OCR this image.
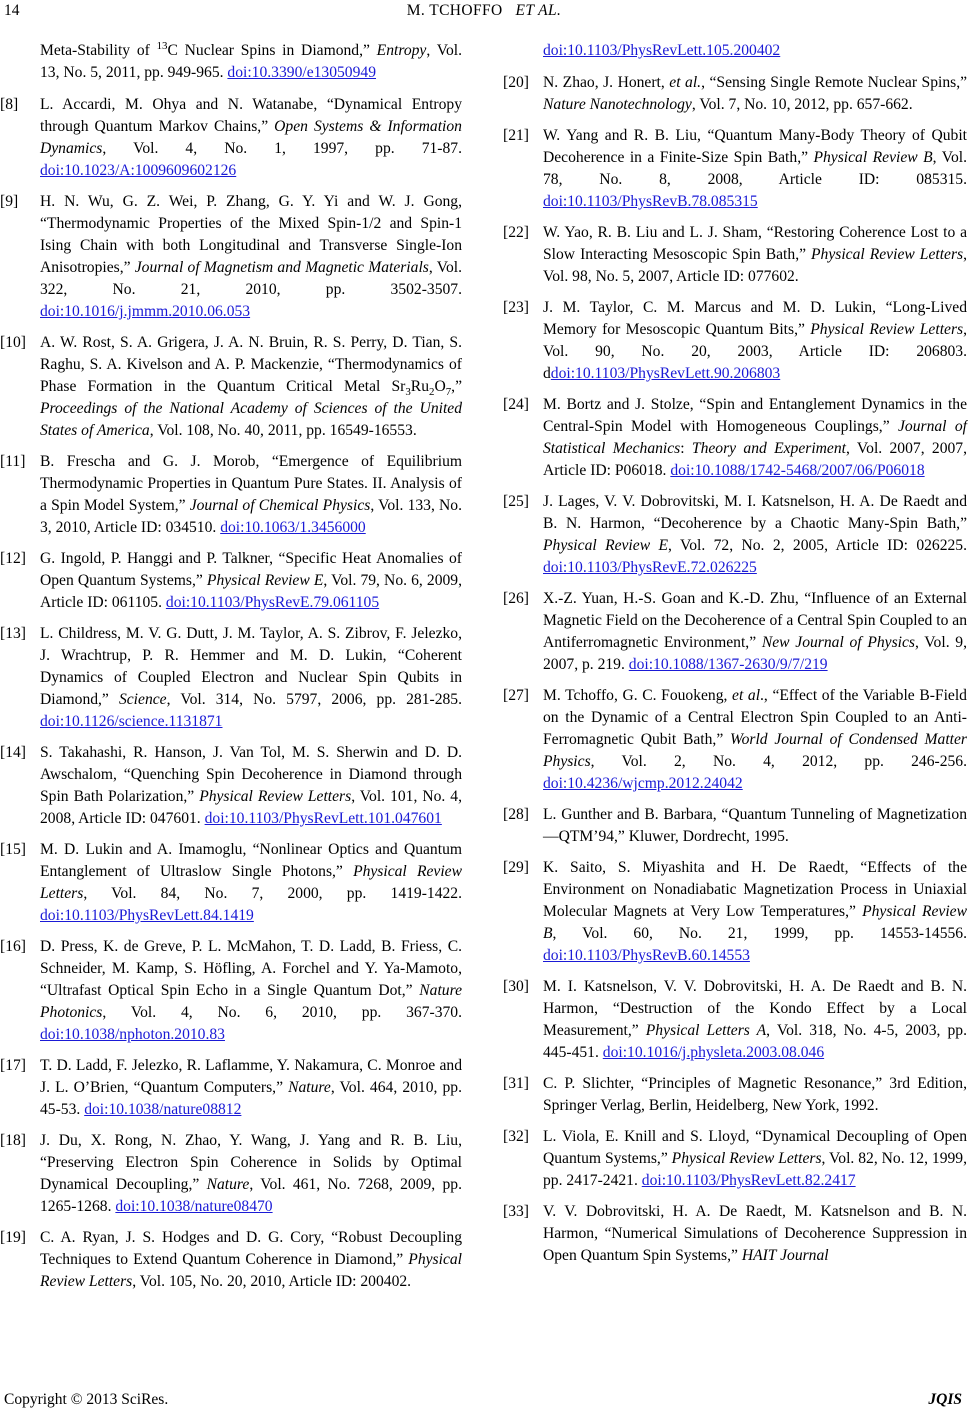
14	M. TCHOFFO ET AL.
Meta-Stability of $^{13}$C Nuclear Spins in Diamond,” Entropy, Vol. 13, No. 5, 2011, pp. 949-965. doi:10.3390/e13050949
[8] L. Accardi, M. Ohya and N. Watanabe, “Dynamical Entropy through Quantum Markov Chains,” Open Systems & Information Dynamics, Vol. 4, No. 1, 1997, pp. 71-87. doi:10.1023/A:1009609602126
[9] H. N. Wu, G. Z. Wei, P. Zhang, G. Y. Yi and W. J. Gong, “Thermodynamic Properties of the Mixed Spin-1/2 and Spin-1 Ising Chain with both Longitudinal and Transverse Single-Ion Anisotropies,” Journal of Magnetism and Magnetic Materials, Vol. 322, No. 21, 2010, pp. 3502-3507. doi:10.1016/j.jmmm.2010.06.053
[10] A. W. Rost, S. A. Grigera, J. A. N. Bruin, R. S. Perry, D. Tian, S. Raghu, S. A. Kivelson and A. P. Mackenzie, “Thermodynamics of Phase Formation in the Quantum Critical Metal $Sr_3Ru_2O_7$,” Proceedings of the National Academy of Sciences of the United States of America, Vol. 108, No. 40, 2011, pp. 16549-16553.
[11] B. Frescha and G. J. Morob, “Emergence of Equilibrium Thermodynamic Properties in Quantum Pure States. II. Analysis of a Spin Model System,” Journal of Chemical Physics, Vol. 133, No. 3, 2010, Article ID: 034510. doi:10.1063/1.3456000
[12] G. Ingold, P. Hanggi and P. Talkner, “Specific Heat Anomalies of Open Quantum Systems,” Physical Review E, Vol. 79, No. 6, 2009, Article ID: 061105. doi:10.1103/PhysRevE.79.061105
[13] L. Childress, M. V. G. Dutt, J. M. Taylor, A. S. Zibrov, F. Jelezko, J. Wrachtrup, P. R. Hemmer and M. D. Lukin, “Coherent Dynamics of Coupled Electron and Nuclear Spin Qubits in Diamond,” Science, Vol. 314, No. 5797, 2006, pp. 281-285. doi:10.1126/science.1131871
[14] S. Takahashi, R. Hanson, J. Van Tol, M. S. Sherwin and D. D. Awschalom, “Quenching Spin Decoherence in Diamond through Spin Bath Polarization,” Physical Review Letters, Vol. 101, No. 4, 2008, Article ID: 047601. doi:10.1103/PhysRevLett.101.047601
[15] M. D. Lukin and A. Imamoglu, “Nonlinear Optics and Quantum Entanglement of Ultraslow Single Photons,” Physical Review Letters, Vol. 84, No. 7, 2000, pp. 1419-1422. doi:10.1103/PhysRevLett.84.1419
[16] D. Press, K. de Greve, P. L. McMahon, T. D. Ladd, B. Friess, C. Schneider, M. Kamp, S. Höfling, A. Forchel and Y. Ya-Mamoto, “Ultrafast Optical Spin Echo in a Single Quantum Dot,” Nature Photonics, Vol. 4, No. 6, 2010, pp. 367-370. doi:10.1038/nphoton.2010.83
[17] T. D. Ladd, F. Jelezko, R. Laflamme, Y. Nakamura, C. Monroe and J. L. O’Brien, “Quantum Computers,” Nature, Vol. 464, 2010, pp. 45-53. doi:10.1038/nature08812
[18] J. Du, X. Rong, N. Zhao, Y. Wang, J. Yang and R. B. Liu, “Preserving Electron Spin Coherence in Solids by Optimal Dynamical Decoupling,” Nature, Vol. 461, No. 7268, 2009, pp. 1265-1268. doi:10.1038/nature08470
[19] C. A. Ryan, J. S. Hodges and D. G. Cory, “Robust Decoupling Techniques to Extend Quantum Coherence in Diamond,” Physical Review Letters, Vol. 105, No. 20, 2010, Article ID: 200402.
doi:10.1103/PhysRevLett.105.200402
[20] N. Zhao, J. Honert, et al., “Sensing Single Remote Nuclear Spins,” Nature Nanotechnology, Vol. 7, No. 10, 2012, pp. 657-662.
[21] W. Yang and R. B. Liu, “Quantum Many-Body Theory of Qubit Decoherence in a Finite-Size Spin Bath,” Physical Review B, Vol. 78, No. 8, 2008, Article ID: 085315. doi:10.1103/PhysRevB.78.085315
[22] W. Yao, R. B. Liu and L. J. Sham, “Restoring Coherence Lost to a Slow Interacting Mesoscopic Spin Bath,” Physical Review Letters, Vol. 98, No. 5, 2007, Article ID: 077602.
[23] J. M. Taylor, C. M. Marcus and M. D. Lukin, “Long-Lived Memory for Mesoscopic Quantum Bits,” Physical Review Letters, Vol. 90, No. 20, 2003, Article ID: 206803. ddoi:10.1103/PhysRevLett.90.206803
[24] M. Bortz and J. Stolze, “Spin and Entanglement Dynamics in the Central-Spin Model with Homogeneous Couplings,” Journal of Statistical Mechanics: Theory and Experiment, Vol. 2007, 2007, Article ID: P06018. doi:10.1088/1742-5468/2007/06/P06018
[25] J. Lages, V. V. Dobrovitski, M. I. Katsnelson, H. A. De Raedt and B. N. Harmon, “Decoherence by a Chaotic Many-Spin Bath,” Physical Review E, Vol. 72, No. 2, 2005, Article ID: 026225. doi:10.1103/PhysRevE.72.026225
[26] X.-Z. Yuan, H.-S. Goan and K.-D. Zhu, “Influence of an External Magnetic Field on the Decoherence of a Central Spin Coupled to an Antiferromagnetic Environment,” New Journal of Physics, Vol. 9, 2007, p. 219. doi:10.1088/1367-2630/9/7/219
[27] M. Tchoffo, G. C. Fouokeng, et al., “Effect of the Variable B-Field on the Dynamic of a Central Electron Spin Coupled to an Anti-Ferromagnetic Qubit Bath,” World Journal of Condensed Matter Physics, Vol. 2, No. 4, 2012, pp. 246-256. doi:10.4236/wjcmp.2012.24042
[28] L. Gunther and B. Barbara, “Quantum Tunneling of Magnetization—QTM’94,” Kluwer, Dordrecht, 1995.
[29] K. Saito, S. Miyashita and H. De Raedt, “Effects of the Environment on Nonadiabatic Magnetization Process in Uniaxial Molecular Magnets at Very Low Temperatures,” Physical Review B, Vol. 60, No. 21, 1999, pp. 14553-14556. doi:10.1103/PhysRevB.60.14553
[30] M. I. Katsnelson, V. V. Dobrovitski, H. A. De Raedt and B. N. Harmon, “Destruction of the Kondo Effect by a Local Measurement,” Physical Letters A, Vol. 318, No. 4-5, 2003, pp. 445-451. doi:10.1016/j.physleta.2003.08.046
[31] C. P. Slichter, “Principles of Magnetic Resonance,” 3rd Edition, Springer Verlag, Berlin, Heidelberg, New York, 1992.
[32] L. Viola, E. Knill and S. Lloyd, “Dynamical Decoupling of Open Quantum Systems,” Physical Review Letters, Vol. 82, No. 12, 1999, pp. 2417-2421. doi:10.1103/PhysRevLett.82.2417
[33] V. V. Dobrovitski, H. A. De Raedt, M. Katsnelson and B. N. Harmon, “Numerical Simulations of Decoherence Suppression in Open Quantum Spin Systems,” HAIT Journal
Copyright © 2013 SciRes.	JQIS
